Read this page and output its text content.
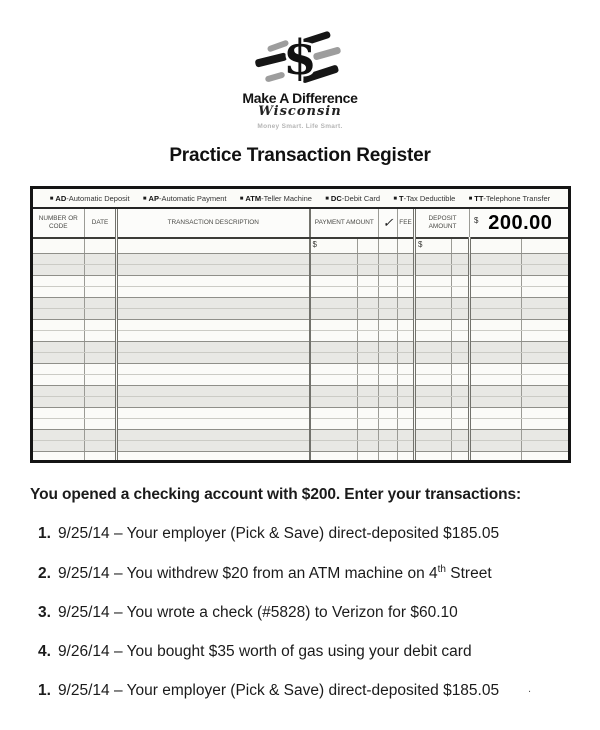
$
Make A Difference
Wisconsin
Money Smart. Life Smart.
Practice Transaction Register
■ AD-Automatic Deposit ■ AP-Automatic Payment ■ ATM-Teller Machine ■ DC-Debit Card ■ T-Tax Deductible ■ TT-Telephone Transfer
NUMBER OR CODE	DATE	TRANSACTION DESCRIPTION	PAYMENT AMOUNT		✓	FEE	DEPOSIT AMOUNT		$ 200.00	
			$				$			

You opened a checking account with $200. Enter your transactions:

1. 9/25/14 – Your employer (Pick & Save) direct-deposited $185.05
2. 9/25/14 – You withdrew $20 from an ATM machine on 4th Street
3. 9/25/14 – You wrote a check (#5828) to Verizon for $60.10
4. 9/26/14 – You bought $35 worth of gas using your debit card
1. 9/25/14 – Your employer (Pick & Save) direct-deposited $185.05	.
